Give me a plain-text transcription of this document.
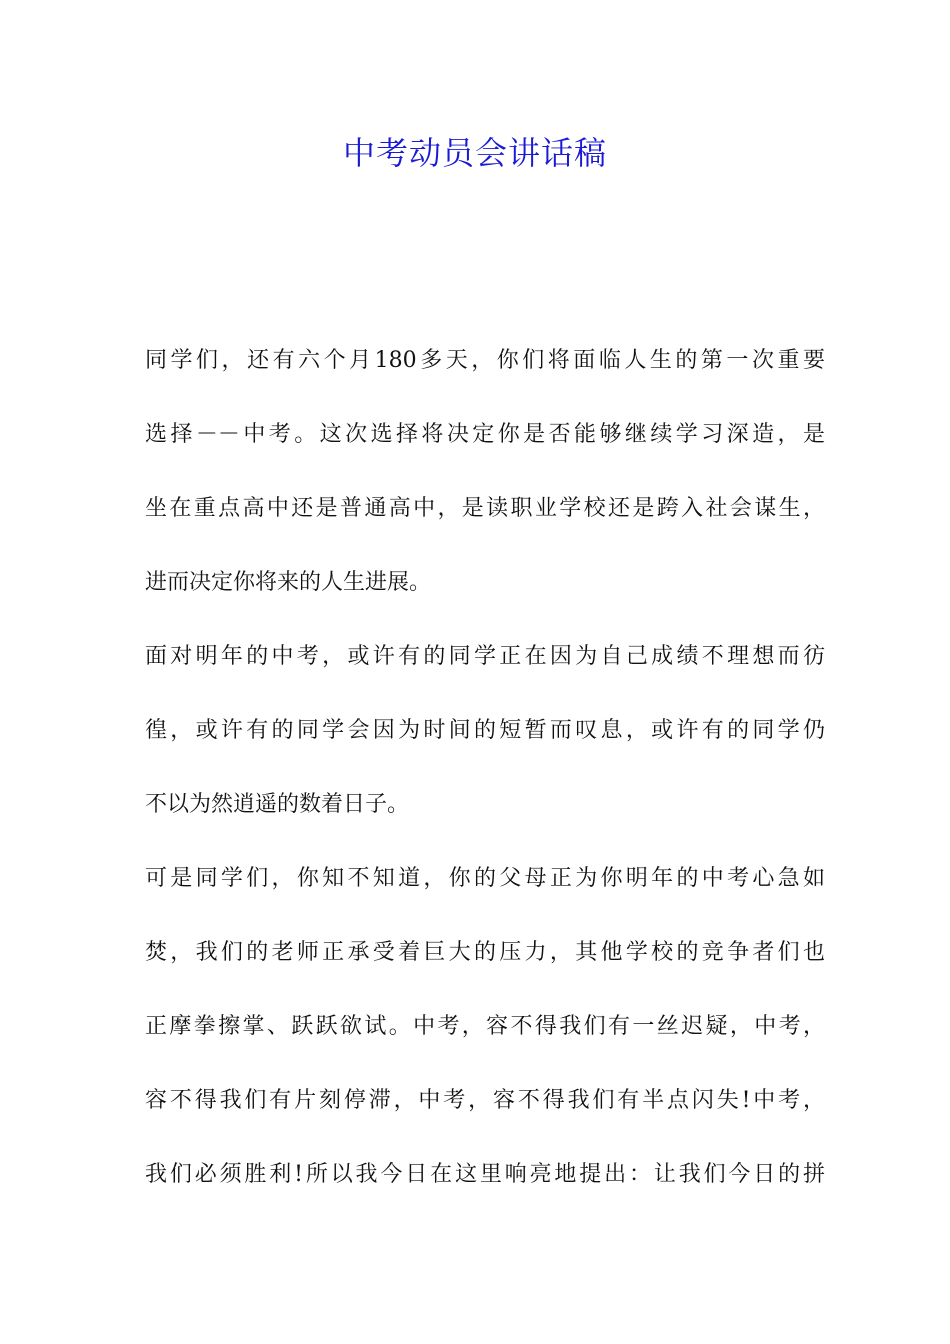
中考动员会讲话稿
同学们，还有六个月180多天，你们将面临人生的第一次重要
选择－－中考。这次选择将决定你是否能够继续学习深造，是
坐在重点高中还是普通高中，是读职业学校还是跨入社会谋生，
进而决定你将来的人生进展。
面对明年的中考，或许有的同学正在因为自己成绩不理想而彷
徨，或许有的同学会因为时间的短暂而叹息，或许有的同学仍
不以为然逍遥的数着日子。
可是同学们，你知不知道，你的父母正为你明年的中考心急如
焚，我们的老师正承受着巨大的压力，其他学校的竞争者们也
正摩拳擦掌、跃跃欲试。中考，容不得我们有一丝迟疑，中考，
容不得我们有片刻停滞，中考，容不得我们有半点闪失!中考，
我们必须胜利!所以我今日在这里响亮地提出：让我们今日的拼
